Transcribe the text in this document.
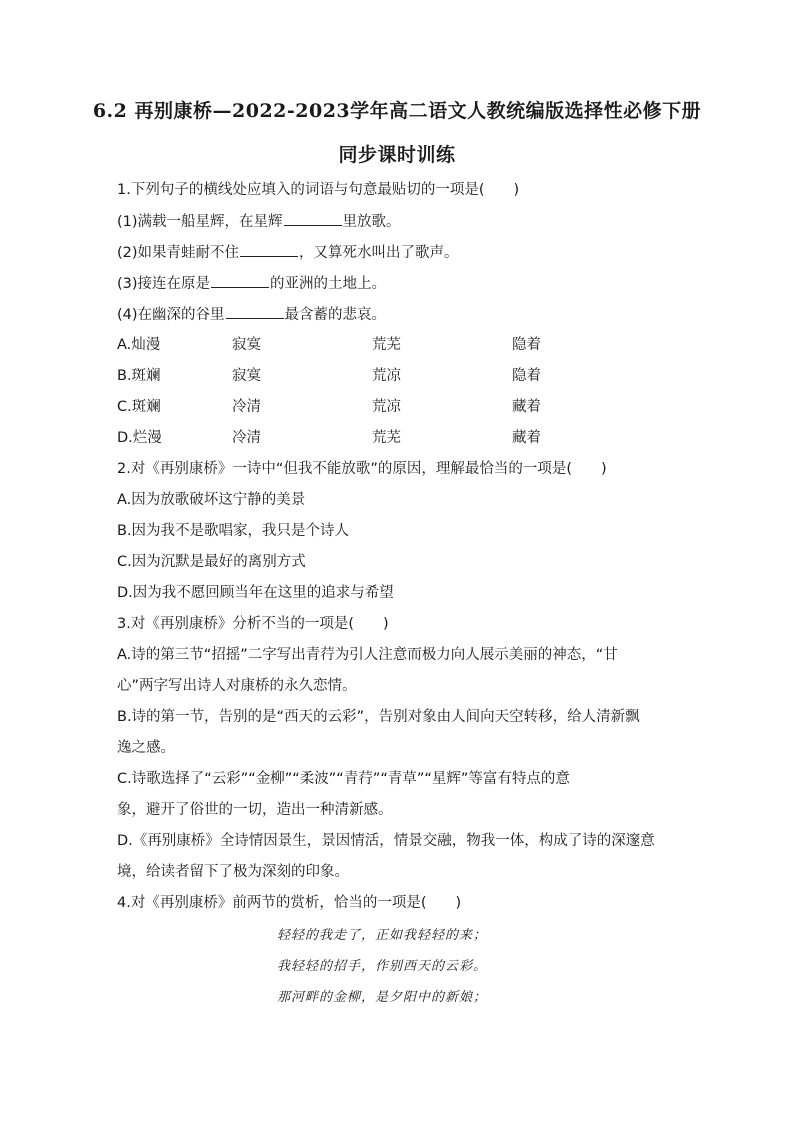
6.2 再别康桥—2022-2023学年高二语文人教统编版选择性必修下册
同步课时训练
1.下列句子的横线处应填入的词语与句意最贴切的一项是(　　)
(1)满载一船星辉，在星辉	里放歌。
(2)如果青蛙耐不住	，又算死水叫出了歌声。
(3)接连在原是	的亚洲的土地上。
(4)在幽深的谷里	最含蓄的悲哀。
A.灿漫	寂寞	荒芜	隐着
B.斑斓	寂寞	荒凉	隐着
C.斑斓	冷清	荒凉	藏着
D.烂漫	冷清	荒芜	藏着
2.对《再别康桥》一诗中“但我不能放歌”的原因，理解最恰当的一项是(　　)
A.因为放歌破坏这宁静的美景
B.因为我不是歌唱家，我只是个诗人
C.因为沉默是最好的离别方式
D.因为我不愿回顾当年在这里的追求与希望
3.对《再别康桥》分析不当的一项是(　　)
A.诗的第三节“招摇”二字写出青荇为引人注意而极力向人展示美丽的神态，“甘
心”两字写出诗人对康桥的永久恋情。
B.诗的第一节，告别的是“西天的云彩”，告别对象由人间向天空转移，给人清新飘
逸之感。
C.诗歌选择了“云彩”“金柳”“柔波”“青荇”“青草”“星辉”等富有特点的意
象，避开了俗世的一切，造出一种清新感。
D.《再别康桥》全诗情因景生，景因情活，情景交融，物我一体，构成了诗的深邃意
境，给读者留下了极为深刻的印象。
4.对《再别康桥》前两节的赏析，恰当的一项是(　　)
轻轻的我走了，正如我轻轻的来；
我轻轻的招手，作别西天的云彩。
那河畔的金柳，是夕阳中的新娘；
